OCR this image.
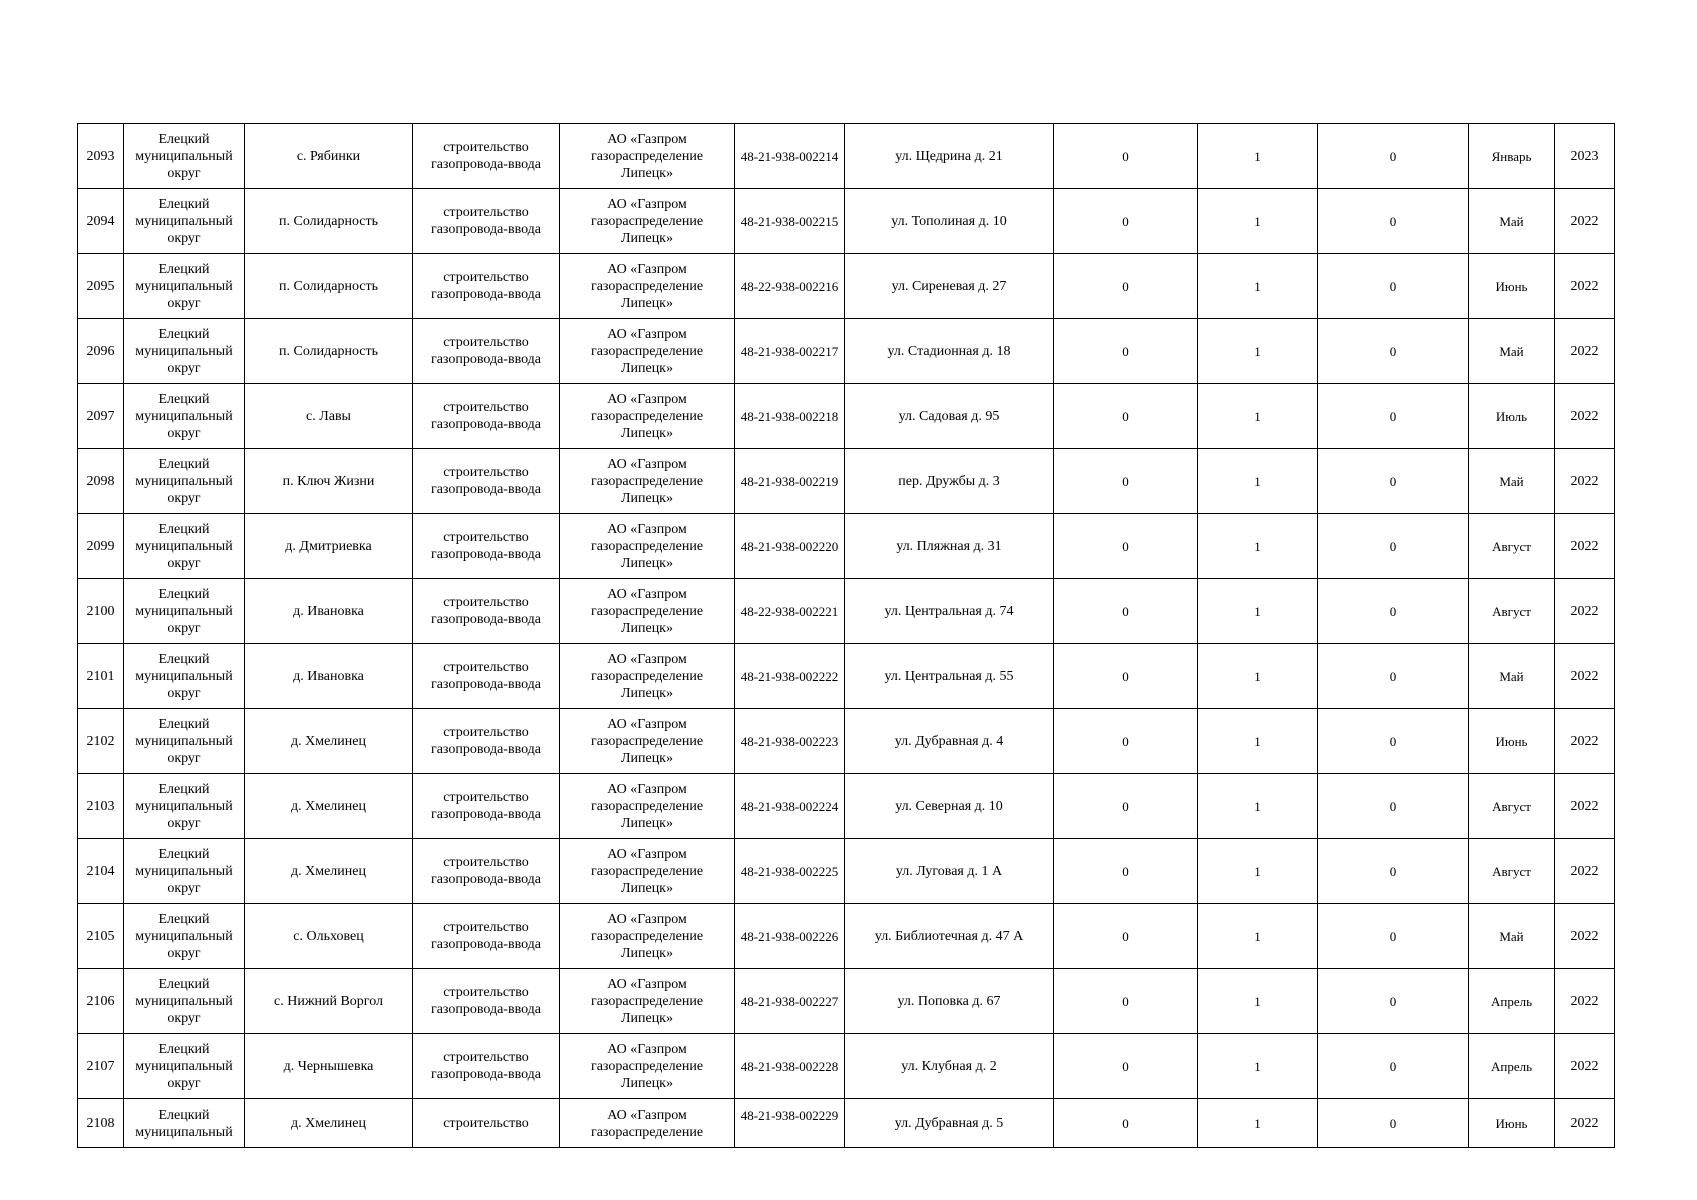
2093	Елецкий муниципальный округ	с. Рябинки	строительство газопровода-ввода	АО «Газпром газораспределение Липецк»	48-21-938-002214	ул. Щедрина д. 21	0	1	0	Январь	2023
2094	Елецкий муниципальный округ	п. Солидарность	строительство газопровода-ввода	АО «Газпром газораспределение Липецк»	48-21-938-002215	ул. Тополиная д. 10	0	1	0	Май	2022
2095	Елецкий муниципальный округ	п. Солидарность	строительство газопровода-ввода	АО «Газпром газораспределение Липецк»	48-22-938-002216	ул. Сиреневая д. 27	0	1	0	Июнь	2022
2096	Елецкий муниципальный округ	п. Солидарность	строительство газопровода-ввода	АО «Газпром газораспределение Липецк»	48-21-938-002217	ул. Стадионная д. 18	0	1	0	Май	2022
2097	Елецкий муниципальный округ	с. Лавы	строительство газопровода-ввода	АО «Газпром газораспределение Липецк»	48-21-938-002218	ул. Садовая д. 95	0	1	0	Июль	2022
2098	Елецкий муниципальный округ	п. Ключ Жизни	строительство газопровода-ввода	АО «Газпром газораспределение Липецк»	48-21-938-002219	пер. Дружбы д. 3	0	1	0	Май	2022
2099	Елецкий муниципальный округ	д. Дмитриевка	строительство газопровода-ввода	АО «Газпром газораспределение Липецк»	48-21-938-002220	ул. Пляжная д. 31	0	1	0	Август	2022
2100	Елецкий муниципальный округ	д. Ивановка	строительство газопровода-ввода	АО «Газпром газораспределение Липецк»	48-22-938-002221	ул. Центральная д. 74	0	1	0	Август	2022
2101	Елецкий муниципальный округ	д. Ивановка	строительство газопровода-ввода	АО «Газпром газораспределение Липецк»	48-21-938-002222	ул. Центральная д. 55	0	1	0	Май	2022
2102	Елецкий муниципальный округ	д. Хмелинец	строительство газопровода-ввода	АО «Газпром газораспределение Липецк»	48-21-938-002223	ул. Дубравная д. 4	0	1	0	Июнь	2022
2103	Елецкий муниципальный округ	д. Хмелинец	строительство газопровода-ввода	АО «Газпром газораспределение Липецк»	48-21-938-002224	ул. Северная д. 10	0	1	0	Август	2022
2104	Елецкий муниципальный округ	д. Хмелинец	строительство газопровода-ввода	АО «Газпром газораспределение Липецк»	48-21-938-002225	ул. Луговая д. 1 А	0	1	0	Август	2022
2105	Елецкий муниципальный округ	с. Ольховец	строительство газопровода-ввода	АО «Газпром газораспределение Липецк»	48-21-938-002226	ул. Библиотечная д. 47 А	0	1	0	Май	2022
2106	Елецкий муниципальный округ	с. Нижний Воргол	строительство газопровода-ввода	АО «Газпром газораспределение Липецк»	48-21-938-002227	ул. Поповка д. 67	0	1	0	Апрель	2022
2107	Елецкий муниципальный округ	д. Чернышевка	строительство газопровода-ввода	АО «Газпром газораспределение Липецк»	48-21-938-002228	ул. Клубная д. 2	0	1	0	Апрель	2022
2108	Елецкий муниципальный	д. Хмелинец	строительство	АО «Газпром газораспределение	48-21-938-002229	ул. Дубравная д. 5	0	1	0	Июнь	2022
